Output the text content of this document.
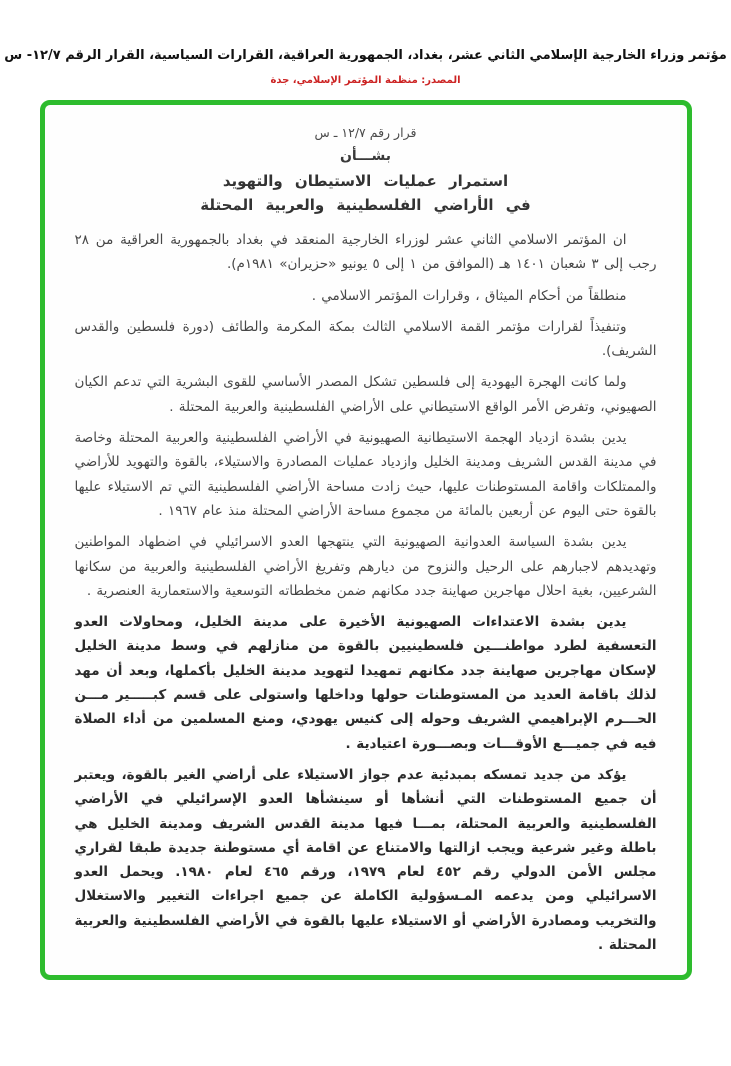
مؤتمر وزراء الخارجية الإسلامي الثاني عشر، بغداد، الجمهورية العراقية، القرارات السياسية، القرار الرقم ١٢/٧- س
المصدر: منظمة المؤتمر الإسلامي، جدة
قرار رقم ١٢/٧ ـ س
بشـــأن
استمرار عمليات الاستيطان والتهويد
في الأراضي الفلسطينية والعربية المحتلة

ان المؤتمر الاسلامي الثاني عشر لوزراء الخارجية المنعقد في بغداد بالجمهورية العراقية من ٢٨ رجب إلى ٣ شعبان ١٤٠١ هـ (الموافق من ١ إلى ٥ يونيو «حزيران» ١٩٨١م).

منطلقاً من أحكام الميثاق ، وقرارات المؤتمر الاسلامي .

وتنفيذاً لقرارات مؤتمر القمة الاسلامي الثالث بمكة المكرمة والطائف (دورة فلسطين والقدس الشريف).

ولما كانت الهجرة اليهودية إلى فلسطين تشكل المصدر الأساسي للقوى البشرية التي تدعم الكيان الصهيوني، وتفرض الأمر الواقع الاستيطاني على الأراضي الفلسطينية والعربية المحتلة .

يدين بشدة ازدياد الهجمة الاستيطانية الصهيونية في الأراضي الفلسطينية والعربية المحتلة وخاصة في مدينة القدس الشريف ومدينة الخليل وازدياد عمليات المصادرة والاستيلاء، بالقوة والتهويد للأراضي والممتلكات واقامة المستوطنات عليها، حيث زادت مساحة الأراضي الفلسطينية التي تم الاستيلاء عليها بالقوة حتى اليوم عن أربعين بالمائة من مجموع مساحة الأراضي المحتلة منذ عام ١٩٦٧ .

يدين بشدة السياسة العدوانية الصهيونية التي ينتهجها العدو الاسرائيلي في اضطهاد المواطنين وتهديدهم لاجبارهم على الرحيل والنزوح من ديارهم وتفريغ الأراضي الفلسطينية والعربية من سكانها الشرعيين، بغية احلال مهاجرين صهاينة جدد مكانهم ضمن مخططاته التوسعية والاستعمارية العنصرية .

يدين بشدة الاعتداءات الصهيونية الأخيرة على مدينة الخليل، ومحاولات العدو التعسفية لطرد مواطنـــين فلسطينيين بالقوة من منازلهم في وسط مدينة الخليل لإسكان مهاجرين صهاينة جدد مكانهم تمهيدا لتهويد مدينة الخليل بأكملها، وبعد أن مهد لذلك باقامة العديد من المستوطنات حولها وداخلها واستولى على قسم كبـــــير مـــن الحـــرم الإبراهيمي الشريف وحوله إلى كنيس يهودي، ومنع المسلمين من أداء الصلاة فيه في جميـــع الأوقـــات وبصـــورة اعتيادية .

يؤكد من جديد تمسكه بمبدئية عدم جواز الاستيلاء على أراضي الغير بالقوة، ويعتبر أن جميع المستوطنات التي أنشأها أو سينشأها العدو الإسرائيلي في الأراضي الفلسطينية والعربية المحتلة، بمـــا فيها مدينة القدس الشريف ومدينة الخليل هي باطلة وغير شرعية ويجب ازالتها والامتناع عن اقامة أي مستوطنة جديدة طبقا لقراري مجلس الأمن الدولي رقم ٤٥٢ لعام ١٩٧٩، ورقم ٤٦٥ لعام ١٩٨٠. ويحمل العدو الاسرائيلي ومن يدعمه المـسؤولية الكاملة عن جميع اجراءات التغيير والاستغلال والتخريب ومصادرة الأراضي أو الاستيلاء عليها بالقوة في الأراضي الفلسطينية والعربية المحتلة .
